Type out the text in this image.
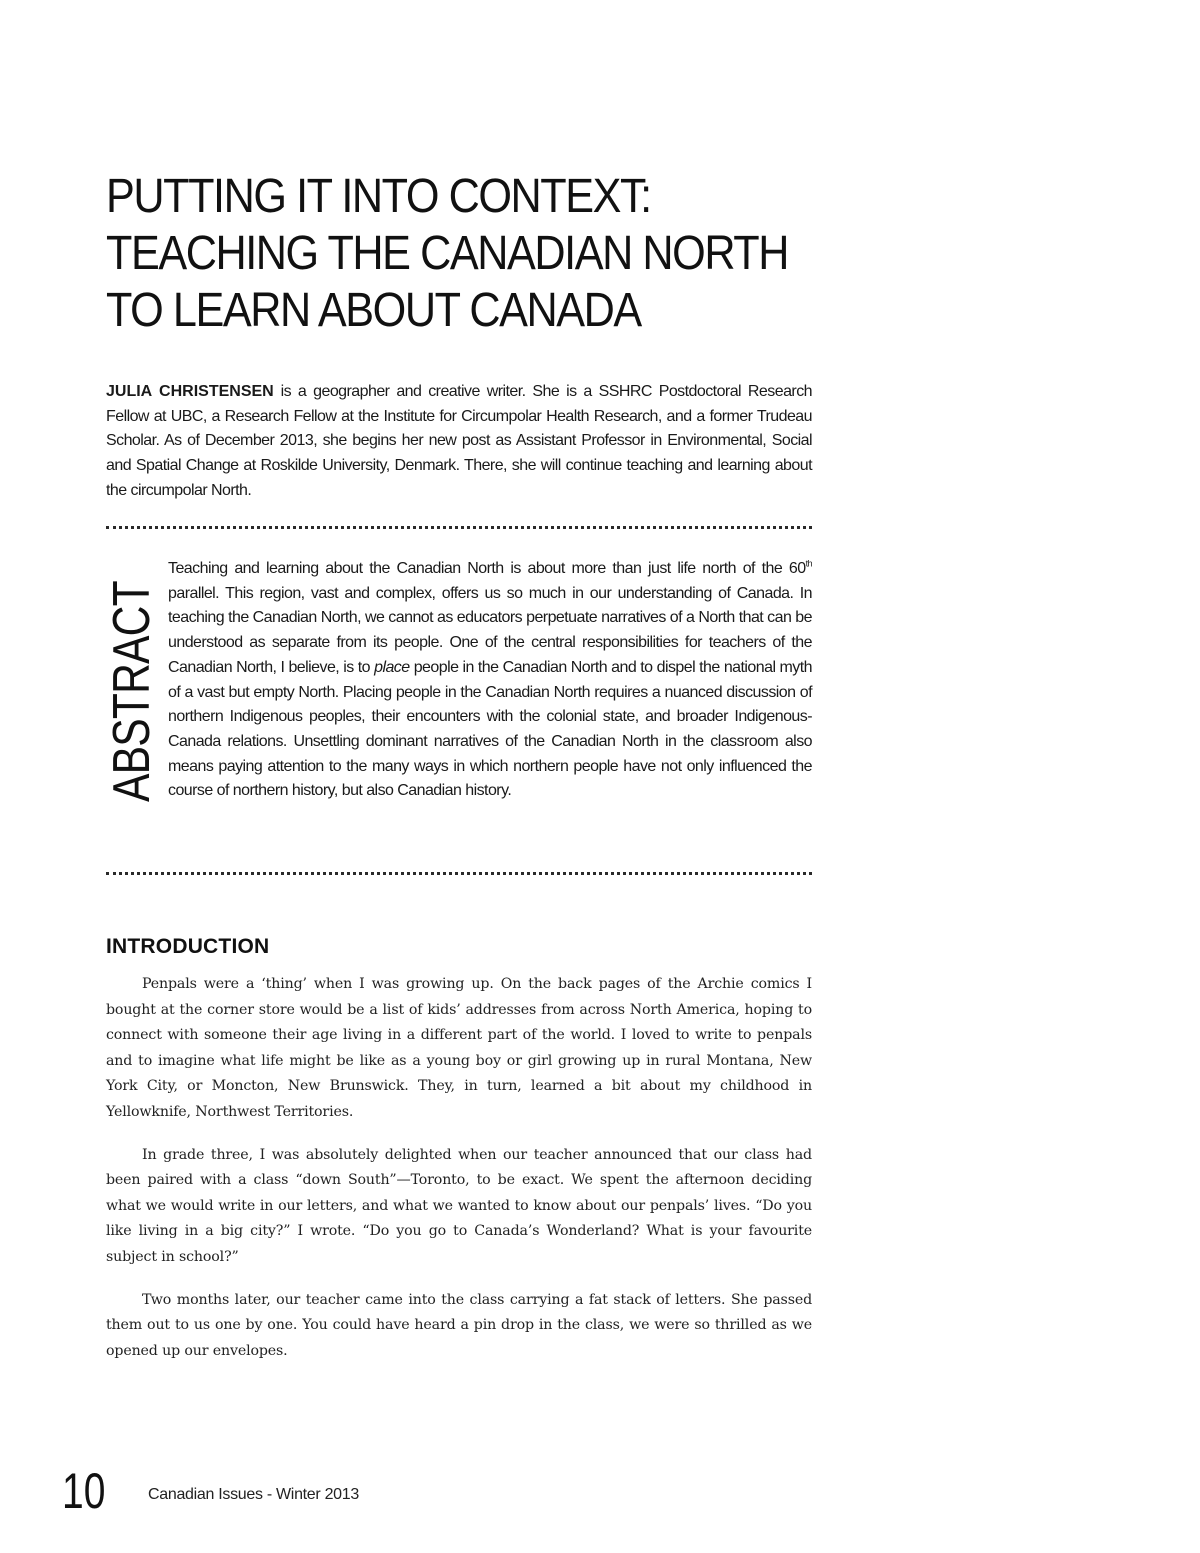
PUTTING IT INTO CONTEXT:
TEACHING THE CANADIAN NORTH
TO LEARN ABOUT CANADA

JULIA CHRISTENSEN is a geographer and creative writer. She is a SSHRC Postdoctoral Research Fellow at UBC, a Research Fellow at the Institute for Circumpolar Health Research, and a former Trudeau Scholar. As of December 2013, she begins her new post as Assistant Professor in Environmental, Social and Spatial Change at Roskilde University, Denmark. There, she will continue teaching and learning about the circumpolar North.

ABSTRACT

Teaching and learning about the Canadian North is about more than just life north of the 60th parallel. This region, vast and complex, offers us so much in our understanding of Canada. In teaching the Canadian North, we cannot as educators perpetuate narratives of a North that can be understood as separate from its people. One of the central responsibilities for teachers of the Canadian North, I believe, is to place people in the Canadian North and to dispel the national myth of a vast but empty North. Placing people in the Canadian North requires a nuanced discussion of northern Indigenous peoples, their encounters with the colonial state, and broader Indigenous-Canada relations. Unsettling dominant narratives of the Canadian North in the classroom also means paying attention to the many ways in which northern people have not only influenced the course of northern history, but also Canadian history.

INTRODUCTION

Penpals were a ‘thing’ when I was growing up. On the back pages of the Archie comics I bought at the corner store would be a list of kids’ addresses from across North America, hoping to connect with someone their age living in a different part of the world. I loved to write to penpals and to imagine what life might be like as a young boy or girl growing up in rural Montana, New York City, or Moncton, New Brunswick. They, in turn, learned a bit about my childhood in Yellowknife, Northwest Territories.

In grade three, I was absolutely delighted when our teacher announced that our class had been paired with a class “down South”—Toronto, to be exact. We spent the afternoon deciding what we would write in our letters, and what we wanted to know about our penpals’ lives. “Do you like living in a big city?” I wrote. “Do you go to Canada’s Wonderland? What is your favourite subject in school?”

Two months later, our teacher came into the class carrying a fat stack of letters. She passed them out to us one by one. You could have heard a pin drop in the class, we were so thrilled as we opened up our envelopes.

10	Canadian Issues - Winter 2013
